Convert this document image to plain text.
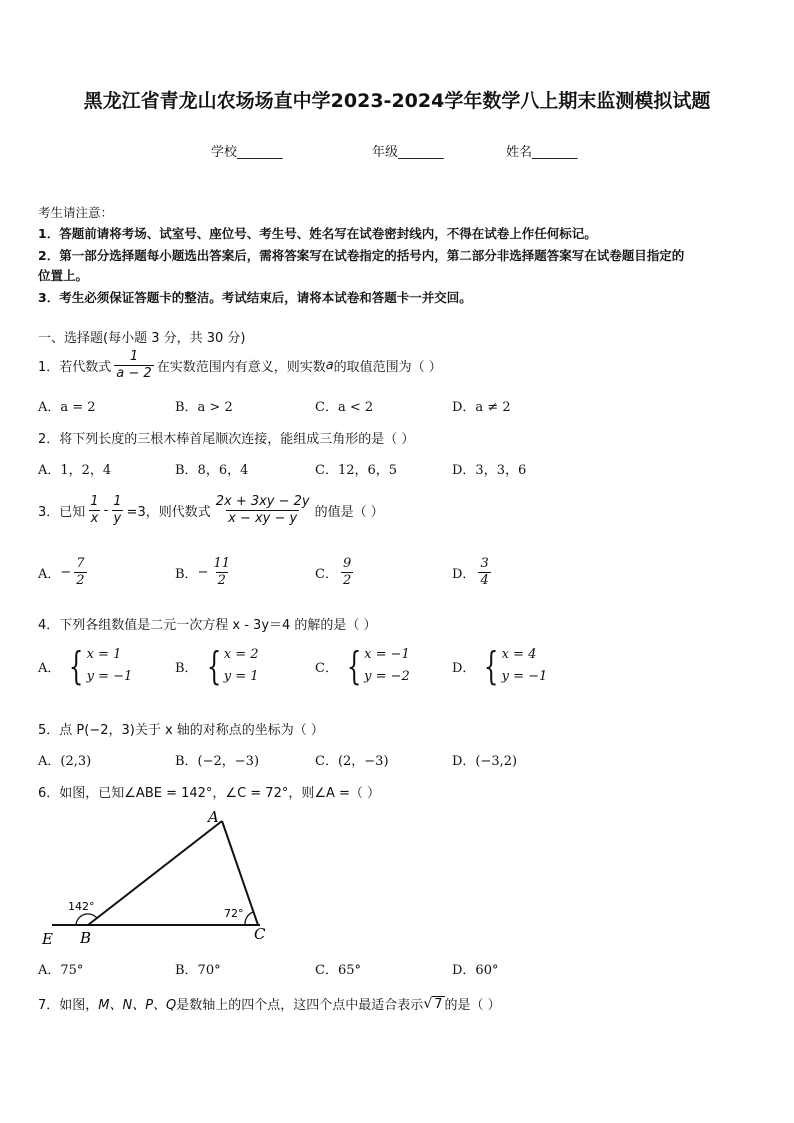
黑龙江省青龙山农场场直中学2023-2024学年数学八上期末监测模拟试题
学校_______	年级_______	姓名_______
考生请注意：
1．答题前请将考场、试室号、座位号、考生号、姓名写在试卷密封线内，不得在试卷上作任何标记。
2．第一部分选择题每小题选出答案后，需将答案写在试卷指定的括号内，第二部分非选择题答案写在试卷题目指定的
位置上。
3．考生必须保证答题卡的整洁。考试结束后，请将本试卷和答题卡一并交回。
一、选择题(每小题 3 分，共 30 分)
1．若代数式 $\frac{1}{a - 2}$ 在实数范围内有意义，则实数 a 的取值范围为（ ）
A．a = 2	B．a > 2	C．a < 2	D．a ≠ 2
2．将下列长度的三根木棒首尾顺次连接，能组成三角形的是（ ）
A．1，2，4	B．8，6，4	C．12，6，5	D．3，3，6
3．已知 $\frac{1}{x} - \frac{1}{y} =3$，则代数式 $\frac{2x + 3xy - 2y}{x - xy - y}$ 的值是（ ）
A． − $\frac{7}{2}$	B． − $\frac{11}{2}$	C． $\frac{9}{2}$	D． $\frac{3}{4}$
4．下列各组数值是二元一次方程 x - 3y＝4 的解的是（ ）
A． { x = 1
y = −1
B． { x = 2
y = 1
C． { x = −1
y = −2
D． { x = 4
y = −1
5．点 P(−2，3)关于 x 轴的对称点的坐标为（ ）
A．(2,3)	B．(−2，−3)	C．(2，−3)	D．(−3,2)
6．如图，已知∠ABE = 142°，∠C = 72°，则∠A =（ ）
A
B	C
E
142°
72°
A．75°	B．70°	C．65°	D．60°
7．如图， M、N、P、Q 是数轴上的四个点，这四个点中最适合表示 √ 7 的是（ ）
